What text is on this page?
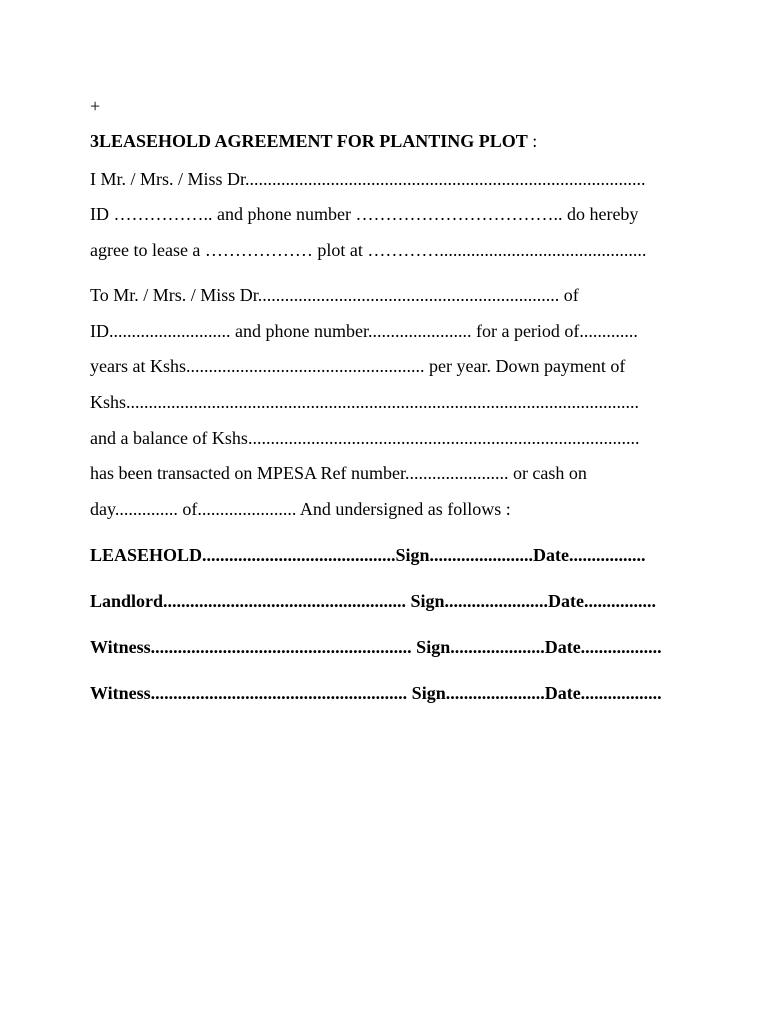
+
3LEASEHOLD AGREEMENT FOR PLANTING PLOT :
I Mr. / Mrs. / Miss Dr.........................................................................................
ID …………….. and phone number …………………………….. do hereby
agree to lease a ……………… plot at …………..............................................
To Mr. / Mrs. / Miss Dr................................................................... of
ID........................... and phone number....................... for a period of.............
years at Kshs..................................................... per year. Down payment of
Kshs..................................................................................................................
and a balance of Kshs.......................................................................................
has been transacted on MPESA Ref number....................... or cash on
day.............. of...................... And undersigned as follows :
LEASEHOLD...........................................Sign.......................Date.................
Landlord...................................................... Sign.......................Date................
Witness.......................................................... Sign.....................Date..................
Witness......................................................... Sign......................Date..................
